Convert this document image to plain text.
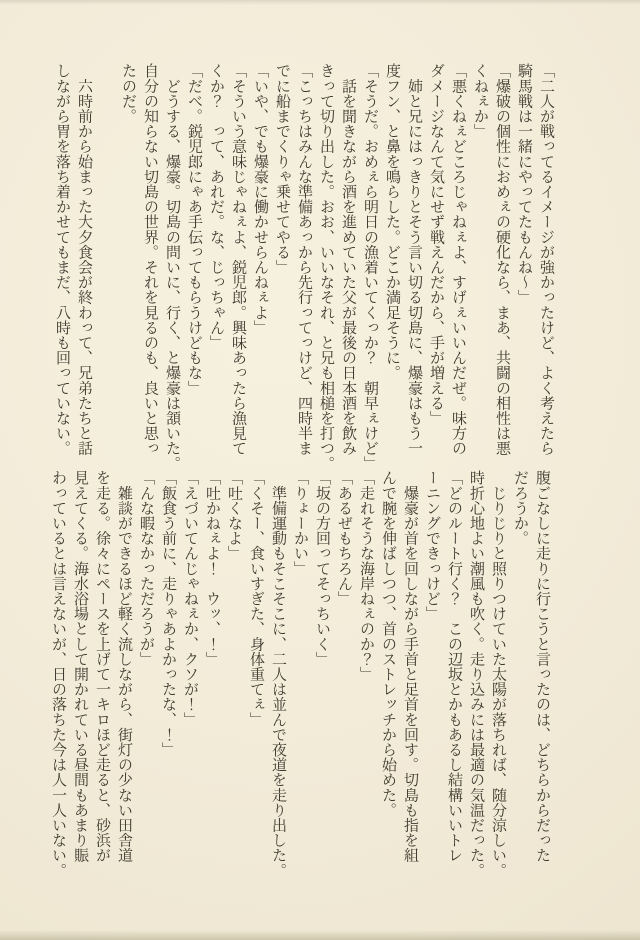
「二人が戦ってるイメージが強かったけど、よく考えたら

騎馬戦は一緒にやってたもんね〜」

「爆破の個性におめぇの硬化なら、まあ、共闘の相性は悪

くねぇか」

「悪くねぇどころじゃねぇよ、すげぇいいんだぜ。味方の

ダメージなんて気にせず戦えんだから、手が増える」

　姉と兄にはっきりとそう言い切る切島に、爆豪はもう一

度フン、と鼻を鳴らした。どこか満足そうに。

「そうだ。おめぇら明日の漁着いてくっか？　朝早ぇけど」

　話を聞きながら酒を進めていた父が最後の日本酒を飲み

きって切り出した。おお、いいなそれ、と兄も相槌を打つ。

「こっちはみんな準備あっから先行ってっけど、四時半ま

でに船までくりゃ乗せてやる」

「いや、でも爆豪に働かせらんねぇよ」

「そういう意味じゃねぇよ、鋭児郎。興味あったら漁見て

くか？　って、あれだ。な、じっちゃん」

「だべ。鋭児郎にゃあ手伝ってもらうけどもな」

　どうする、爆豪。切島の問いに、行く、と爆豪は頷いた。

自分の知らない切島の世界。それを見るのも、良いと思っ

たのだ。

　六時前から始まった大夕食会が終わって、兄弟たちと話

しながら胃を落ち着かせてもまだ、八時も回っていない。

腹ごなしに走りに行こうと言ったのは、どちらからだった

だろうか。

　じりじりと照りつけていた太陽が落ちれば、随分涼しい。

時折心地よい潮風も吹く。走り込みには最適の気温だった。

「どのルート行く？　この辺坂とかもあるし結構いいトレ

ーニングできっけど」

　爆豪が首を回しながら手首と足首を回す。切島も指を組

んで腕を伸ばしつつ、首のストレッチから始めた。

「走れそうな海岸ねぇのか？」

「あるぜもちろん」

「坂の方回ってそっちいく」

「りょーかい」

　準備運動もそこそこに、二人は並んで夜道を走り出した。

「くそー、食いすぎた、身体重てぇ」

「吐くなよ」

「吐かねぇよ！　ウッ、！」

「えづいてんじゃねぇか、クソが！」

「飯食う前に、走りゃあよかったな、！」

「んな暇なかっただろうが」

　雑談ができるほど軽く流しながら、街灯の少ない田舎道

を走る。徐々にペースを上げて一キロほど走ると、砂浜が

見えてくる。海水浴場として開かれている昼間もあまり賑

わっているとは言えないが、日の落ちた今は人一人いない。
